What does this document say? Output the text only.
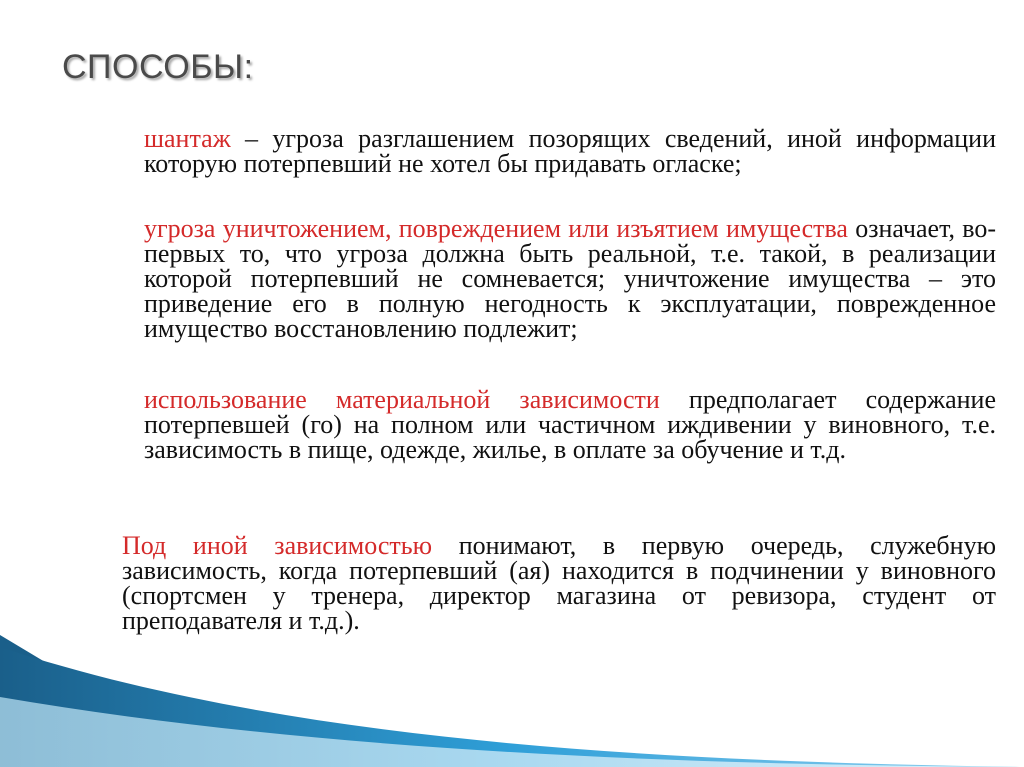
СПОСОБЫ:
шантаж – угроза разглашением позорящих сведений, иной информации которую потерпевший не хотел бы придавать огласке;
угроза уничтожением, повреждением или изъятием имущества означает, во-первых то, что угроза должна быть реальной, т.е. такой, в реализации которой потерпевший не сомневается; уничтожение имущества – это приведение его в полную негодность к эксплуатации, поврежденное имущество восстановлению подлежит;
использование материальной зависимости предполагает содержание потерпевшей (го) на полном или частичном иждивении у виновного, т.е. зависимость в пище, одежде, жилье, в оплате за обучение и т.д.
Под иной зависимостью понимают, в первую очередь, служебную зависимость, когда потерпевший (ая) находится в подчинении у виновного (спортсмен у тренера, директор магазина от ревизора, студент от преподавателя и т.д.).
